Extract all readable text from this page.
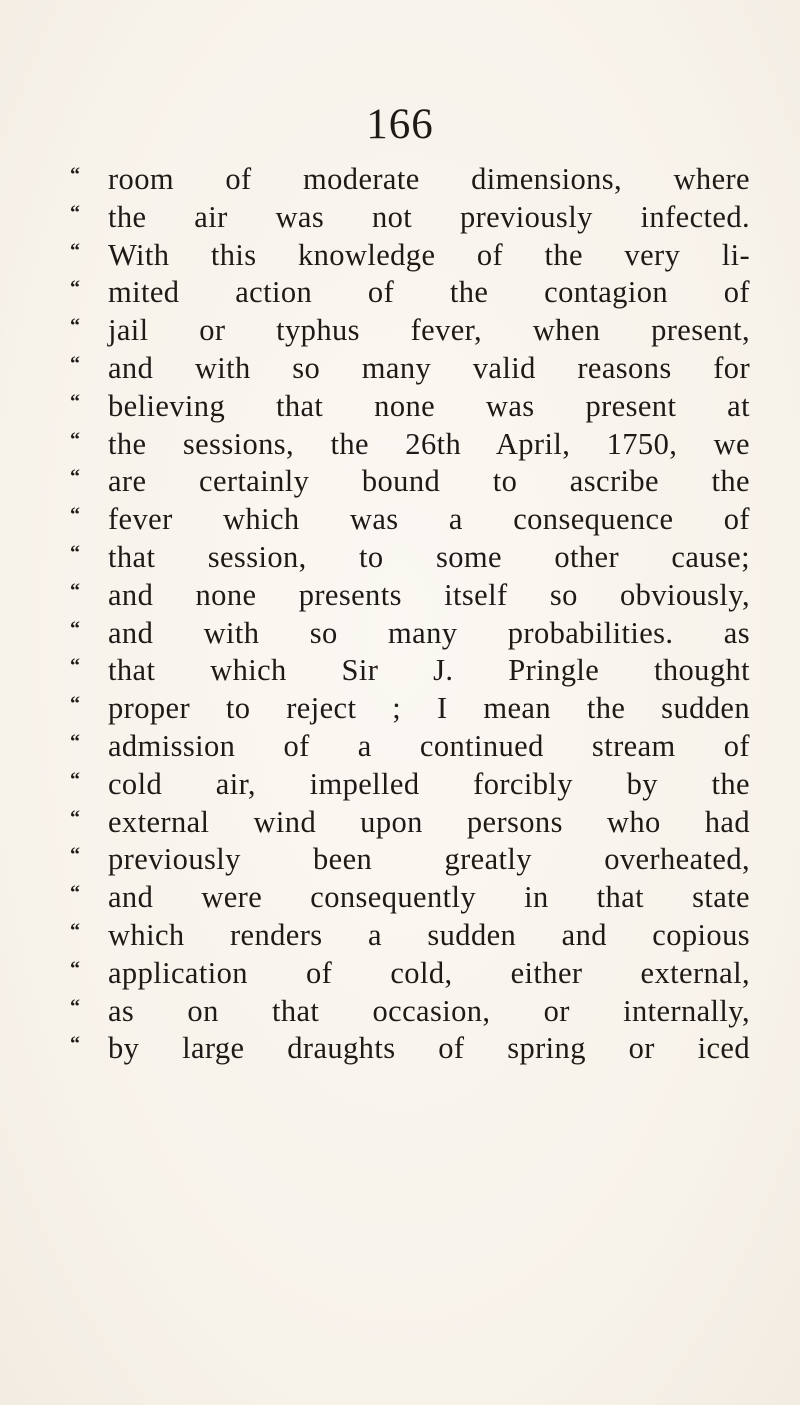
166
“ room of moderate dimensions, where
“ the air was not previously infected.
“ With this knowledge of the very li-
“ mited action of the contagion of
“ jail or typhus fever, when present,
“ and with so many valid reasons for
“ believing that none was present at
“ the sessions, the 26th April, 1750, we
“ are certainly bound to ascribe the
“ fever which was a consequence of
“ that session, to some other cause;
“ and none presents itself so obviously,
“ and with so many probabilities. as
“ that which Sir J. Pringle thought
“ proper to reject ; I mean the sudden
“ admission of a continued stream of
“ cold air, impelled forcibly by the
“ external wind upon persons who had
“ previously been greatly overheated,
“ and were consequently in that state
“ which renders a sudden and copious
“ application of cold, either external,
“ as on that occasion, or internally,
“ by large draughts of spring or iced
